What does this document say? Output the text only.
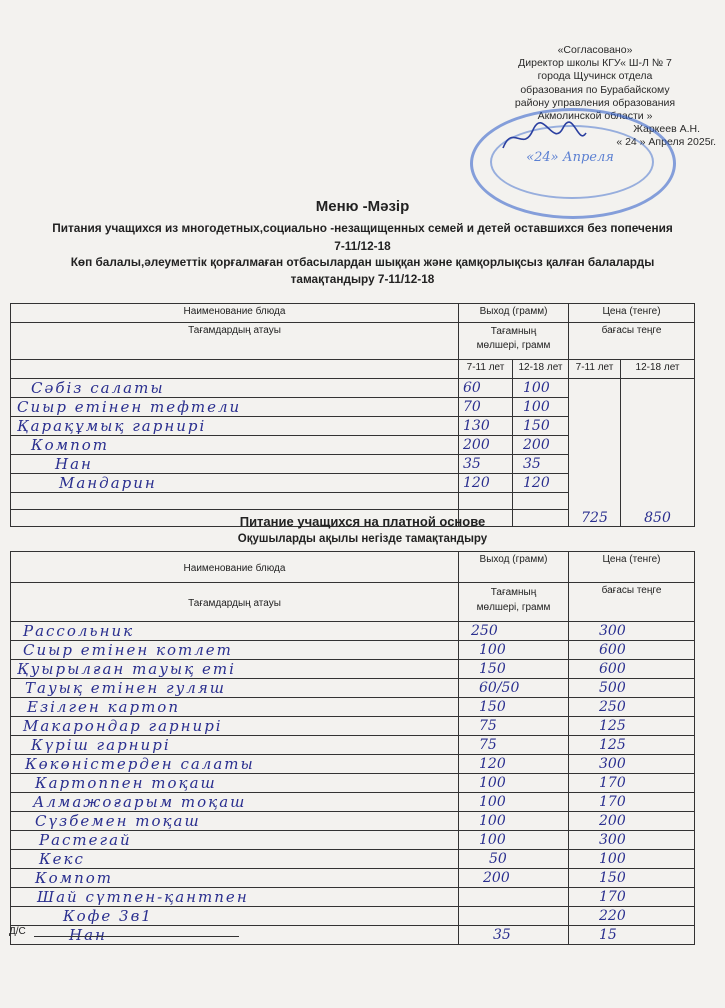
«Согласовано»
Директор школы КГУ« Ш-Л № 7
города Щучинск отдела
образования по Бурабайскому
району управления образования
Акмолинской области »
Жаркеев А.Н.
« 24 » Апреля 2025г.
«24» Апреля
Меню -Мәзір
Питания учащихся из многодетных,социально -незащищенных семей и детей оставшихся без попечения
7-11/12-18
Көп балалы,әлеуметтік қорғалмаған отбасылардан шыққан және қамқорлықсыз қалған балаларды
тамақтандыру 7-11/12-18
Наименование блюда	Выход (грамм)		Цена (тенге)	
Тағамдардың атауы	Тағамның
мөлшері, грамм		бағасы теңге	
	7-11 лет	12-18 лет	7-11 лет	12-18 лет
Сәбіз салаты	60	100	725	850
Сиыр етінен тефтели	70	100		
Қарақұмық гарнирі	130	150		
Компот	200	200		
Нан	35	35		
Мандарин	120	120		

Питание учащихся на платной основе
Оқушыларды ақылы негізде тамақтандыру
Наименование блюда	Выход (грамм)	Цена (тенге)
Тағамдардың атауы	Тағамның
мөлшері, грамм	бағасы теңге
Рассольник	250	300
Сиыр етінен котлет	100	600
Қуырылған тауық еті	150	600
Тауық етінен гуляш	60/50	500
Езілген картоп	150	250
Макарондар гарнирі	75	125
Күріш гарнирі	75	125
Көкөністерден салаты	120	300
Картоппен тоқаш	100	170
Алмажоғарым тоқаш	100	170
Сүзбемен тоқаш	100	200
Растегай	100	300
Кекс	50	100
Компот	200	150
Шай сүтпен-қантпен		170
Кофе 3в1		220
Нан	35	15
Д/С
